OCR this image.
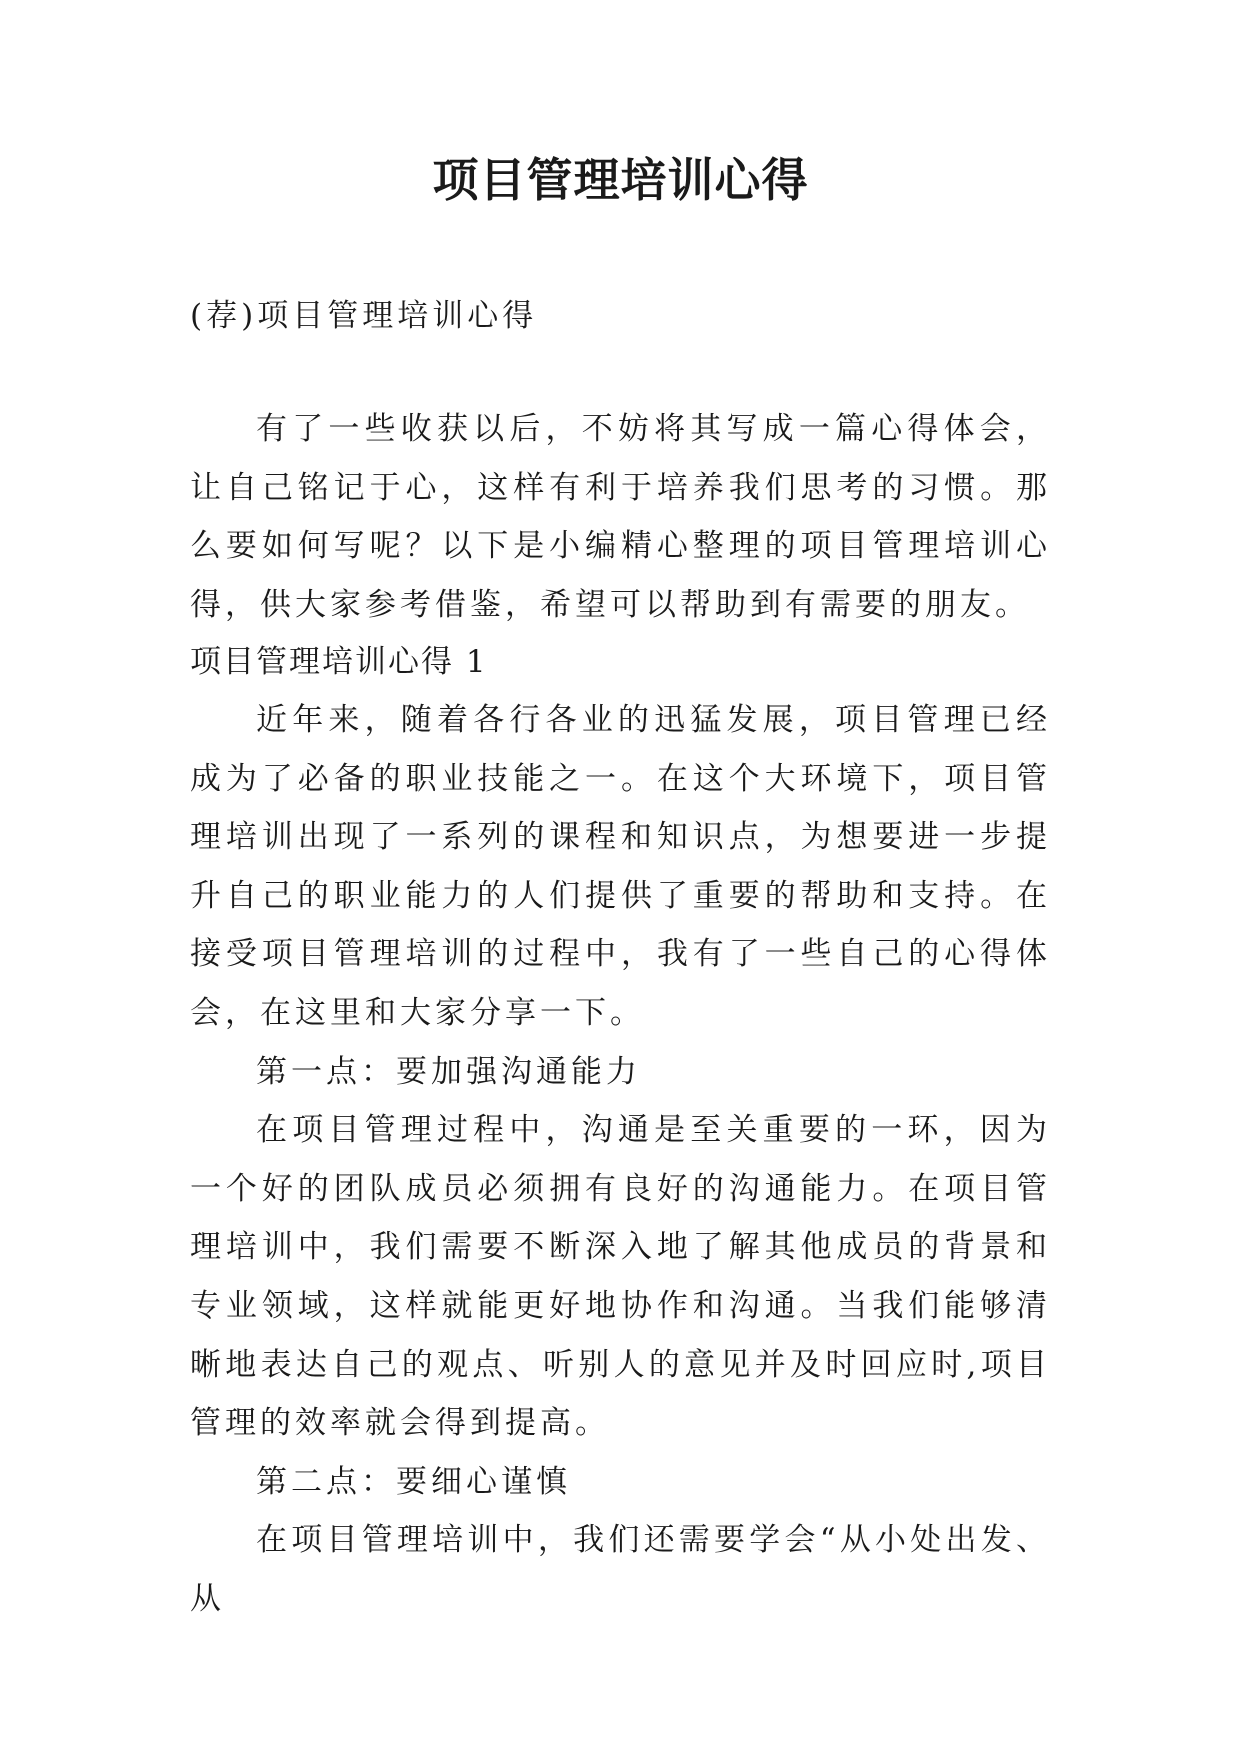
项目管理培训心得
(荐)项目管理培训心得
有了一些收获以后，不妨将其写成一篇心得体会，让自己铭记于心，这样有利于培养我们思考的习惯。那么要如何写呢？以下是小编精心整理的项目管理培训心得，供大家参考借鉴，希望可以帮助到有需要的朋友。
项目管理培训心得 1
近年来，随着各行各业的迅猛发展，项目管理已经成为了必备的职业技能之一。在这个大环境下，项目管理培训出现了一系列的课程和知识点，为想要进一步提升自己的职业能力的人们提供了重要的帮助和支持。在接受项目管理培训的过程中，我有了一些自己的心得体会，在这里和大家分享一下。
第一点：要加强沟通能力
在项目管理过程中，沟通是至关重要的一环，因为一个好的团队成员必须拥有良好的沟通能力。在项目管理培训中，我们需要不断深入地了解其他成员的背景和专业领域，这样就能更好地协作和沟通。当我们能够清晰地表达自己的观点、听别人的意见并及时回应时,项目管理的效率就会得到提高。
第二点：要细心谨慎
在项目管理培训中，我们还需要学会“从小处出发、从
